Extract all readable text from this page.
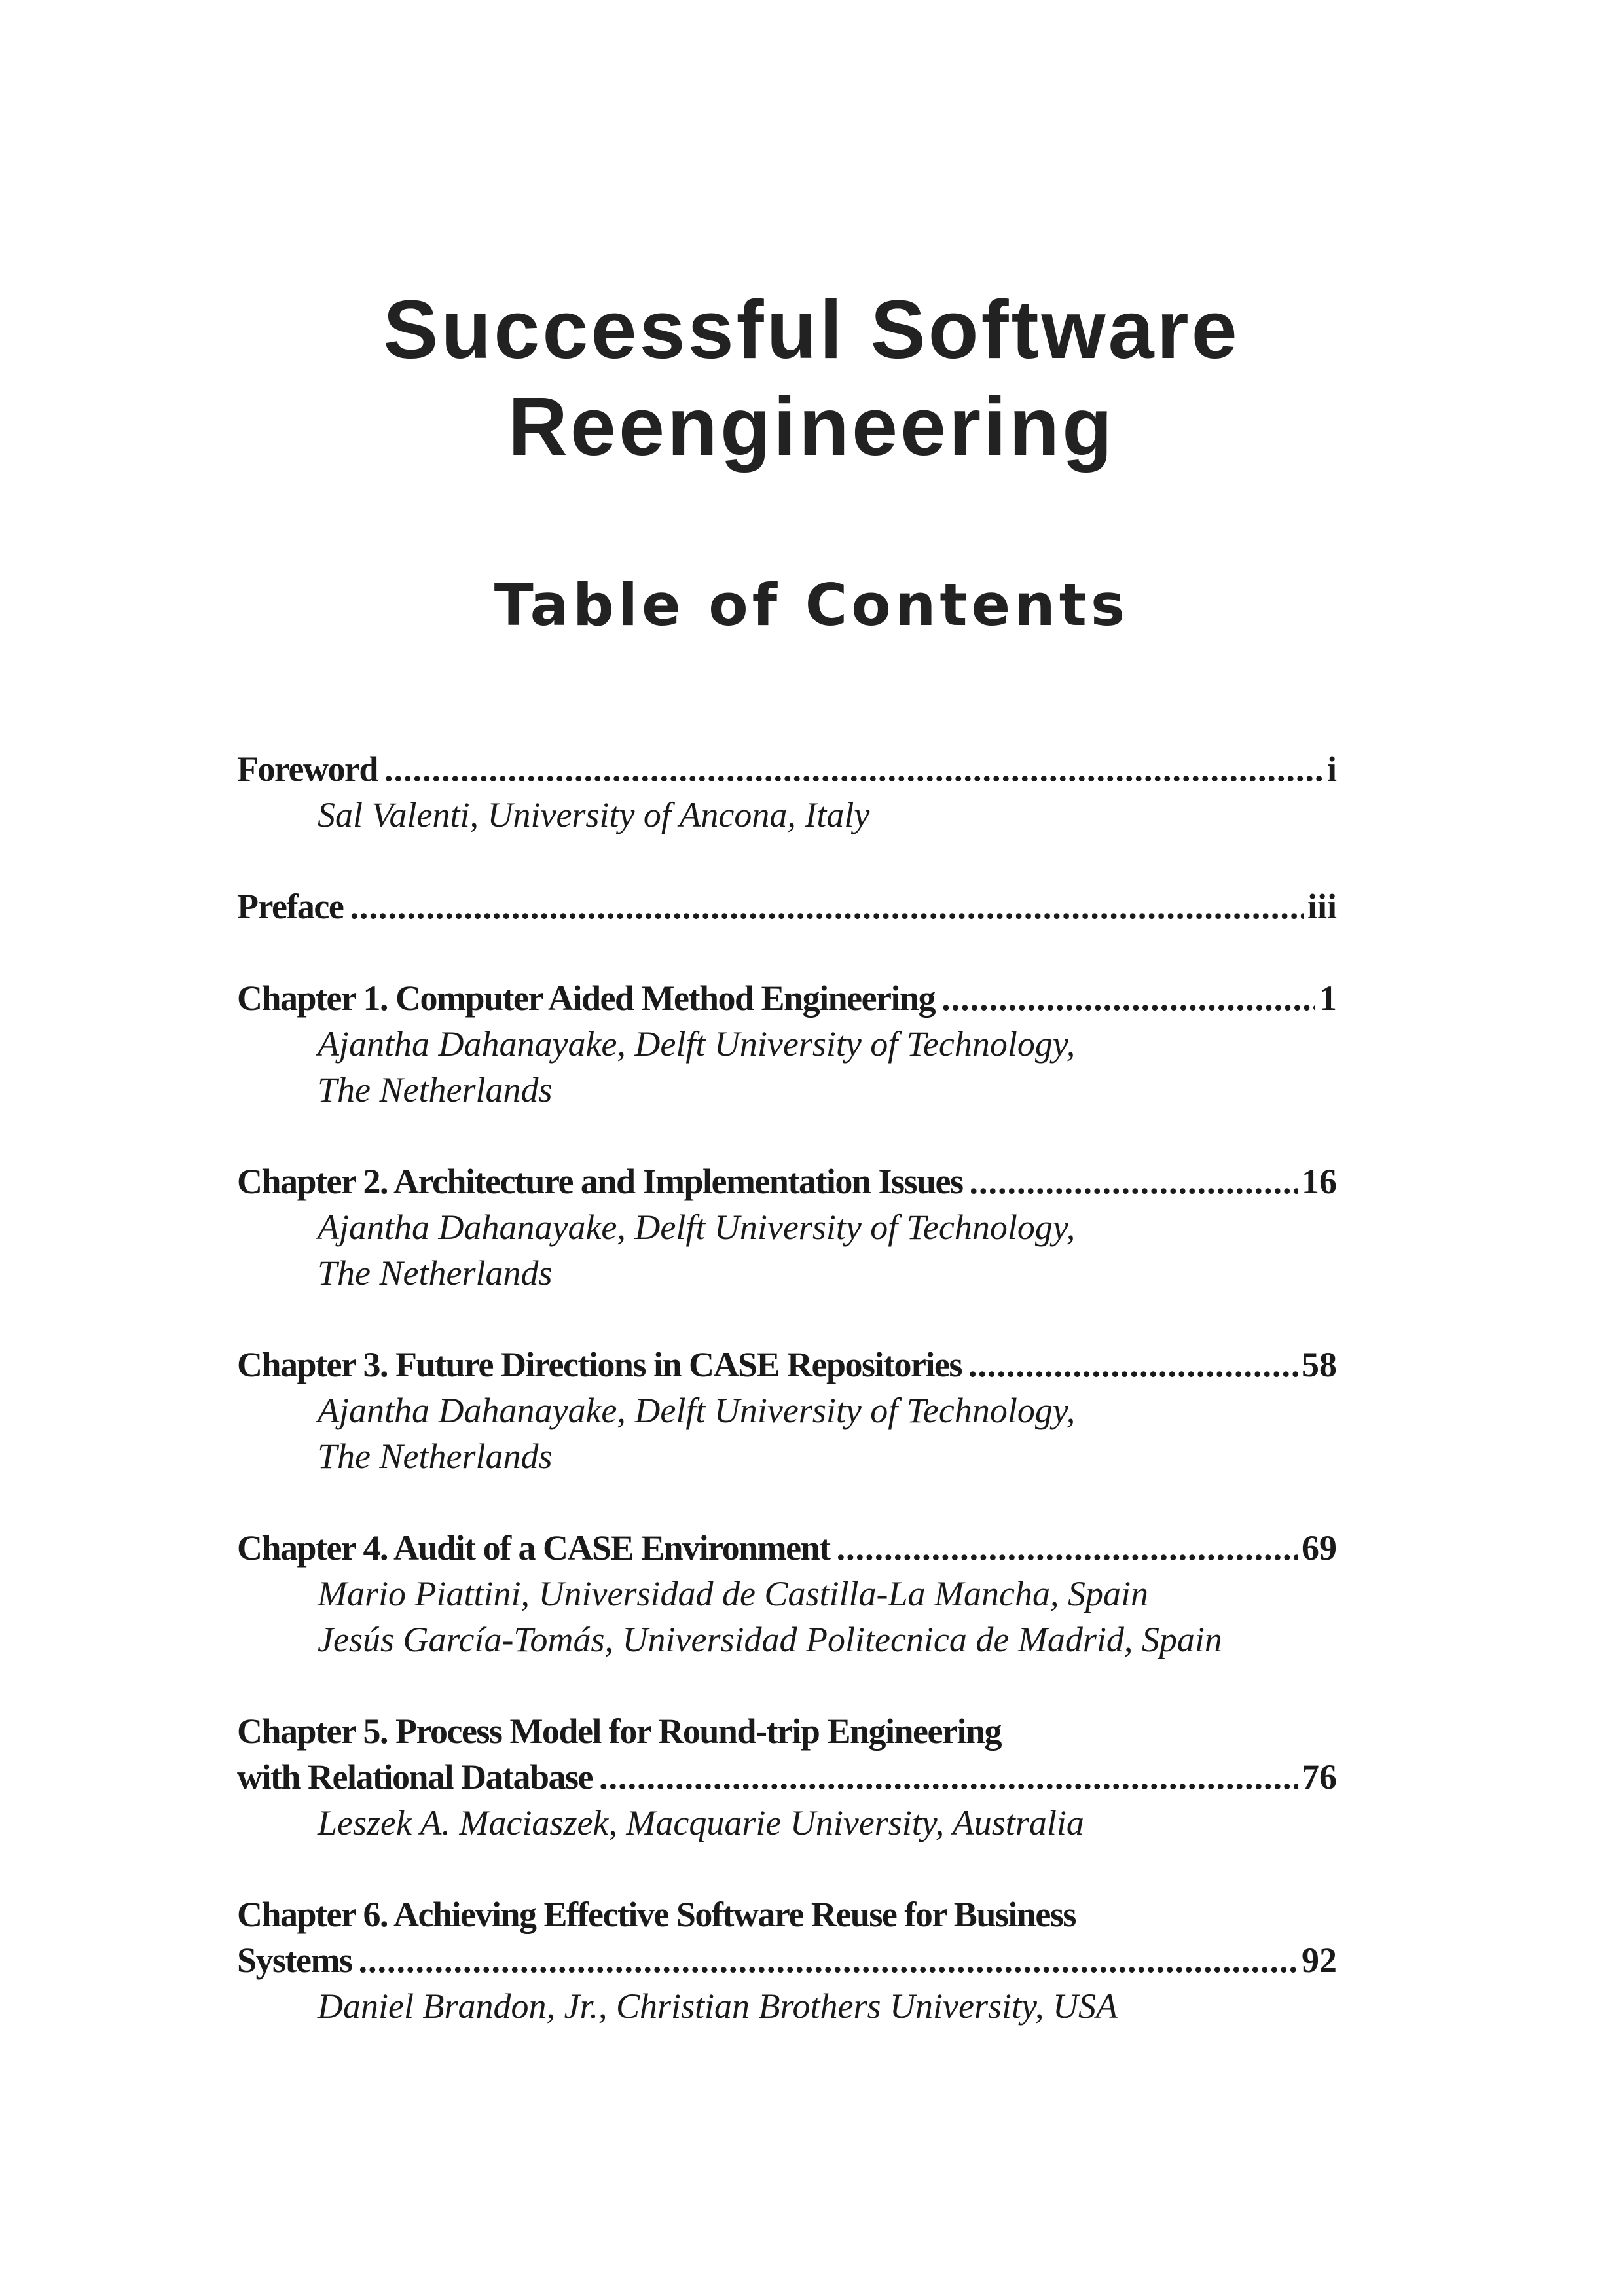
Successful Software
Reengineering
Table of Contents
Foreword .....	i
Sal Valenti, University of Ancona, Italy
Preface .....	iii
Chapter 1. Computer Aided Method Engineering .....	1
Ajantha Dahanayake, Delft University of Technology,
The Netherlands
Chapter 2. Architecture and Implementation Issues .....	16
Ajantha Dahanayake, Delft University of Technology,
The Netherlands
Chapter 3. Future Directions in CASE Repositories .....	58
Ajantha Dahanayake, Delft University of Technology,
The Netherlands
Chapter 4. Audit of a CASE Environment .....	69
Mario Piattini, Universidad de Castilla-La Mancha, Spain
Jesús García-Tomás, Universidad Politecnica de Madrid, Spain
Chapter 5. Process Model for Round-trip Engineering
with Relational Database .....	76
Leszek A. Maciaszek, Macquarie University, Australia
Chapter 6. Achieving Effective Software Reuse for Business
Systems .....	92
Daniel Brandon, Jr., Christian Brothers University, USA
